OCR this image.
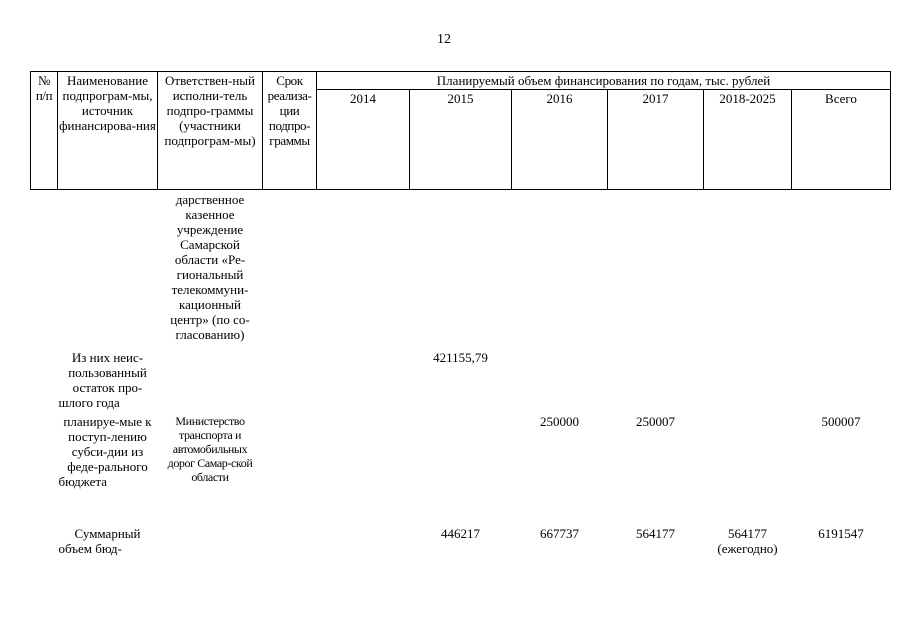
12
№ п/п	Наименование подпрограм-мы, источник финансирова-ния	Ответствен-ный исполни-тель подпро-граммы (участники подпрограм-мы)	Срок реализа-ции подпро-граммы	Планируемый объем финансирования по годам, тыс. рублей					
				2014	2015	2016	2017	2018-2025	Всего
		дарственное казенное учреждение Самарской области «Ре-гиональный телекоммуни-кационный центр» (по со-гласованию)							
	Из них неис-пользованный остаток про-шлого года				421155,79				
	планируе-мые к поступ-лению субси-дии из феде-рального бюджета	Министерство транспорта и автомобильных дорог Самар-ской области				250000	250007		500007
	Суммарный объем бюд-				446217	667737	564177	564177 (ежегодно)	6191547
